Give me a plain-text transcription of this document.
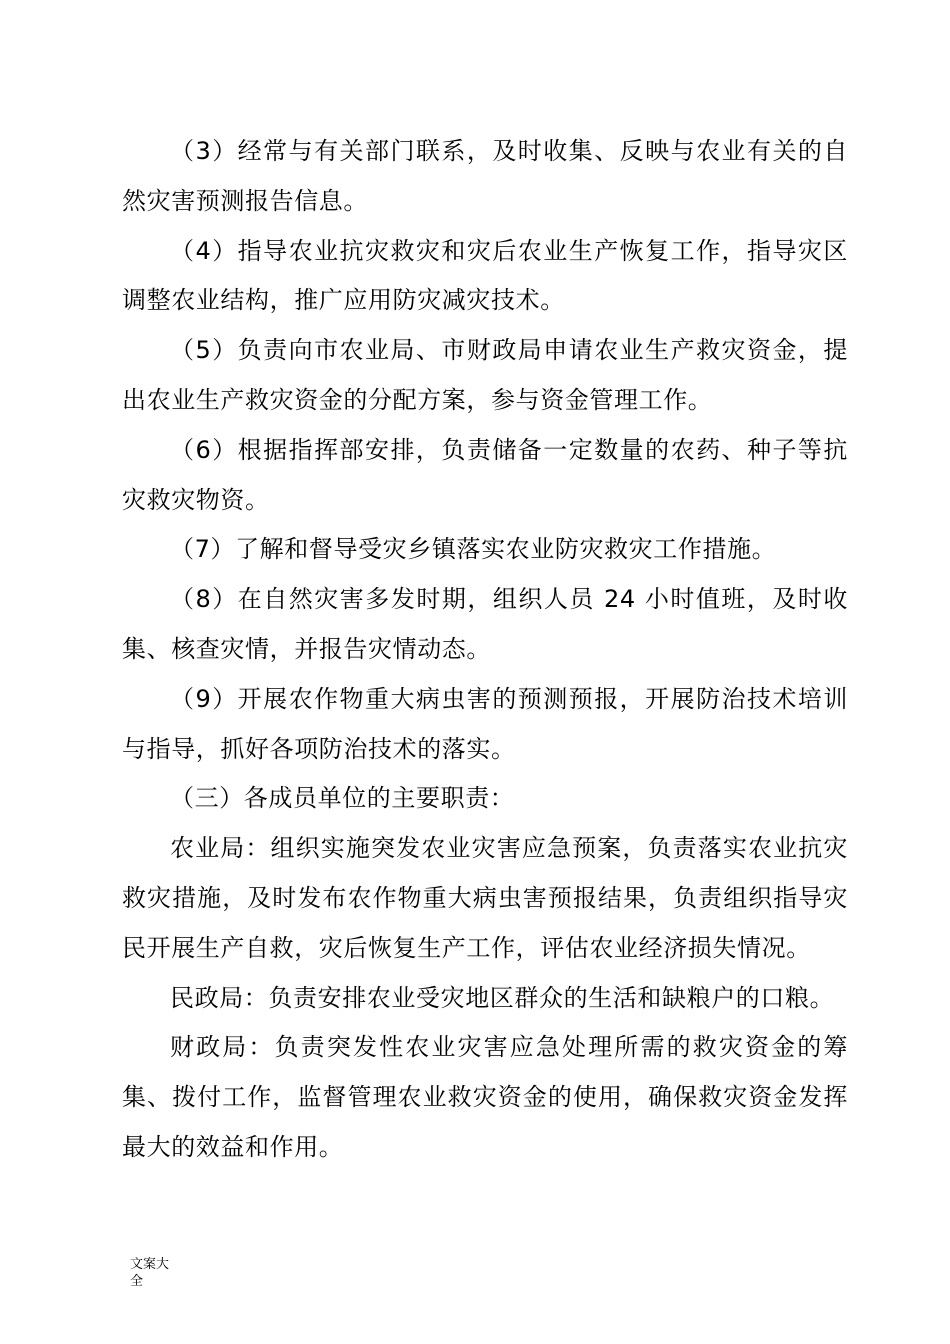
（3）经常与有关部门联系，及时收集、反映与农业有关的自然灾害预测报告信息。

（4）指导农业抗灾救灾和灾后农业生产恢复工作，指导灾区调整农业结构，推广应用防灾减灾技术。

（5）负责向市农业局、市财政局申请农业生产救灾资金，提出农业生产救灾资金的分配方案，参与资金管理工作。

（6）根据指挥部安排，负责储备一定数量的农药、种子等抗灾救灾物资。

（7）了解和督导受灾乡镇落实农业防灾救灾工作措施。

（8）在自然灾害多发时期，组织人员 24 小时值班，及时收集、核查灾情，并报告灾情动态。

（9）开展农作物重大病虫害的预测预报，开展防治技术培训与指导，抓好各项防治技术的落实。

（三）各成员单位的主要职责：

农业局：组织实施突发农业灾害应急预案，负责落实农业抗灾救灾措施，及时发布农作物重大病虫害预报结果，负责组织指导灾民开展生产自救，灾后恢复生产工作，评估农业经济损失情况。

民政局：负责安排农业受灾地区群众的生活和缺粮户的口粮。

财政局：负责突发性农业灾害应急处理所需的救灾资金的筹集、拨付工作，监督管理农业救灾资金的使用，确保救灾资金发挥最大的效益和作用。

文案大全
